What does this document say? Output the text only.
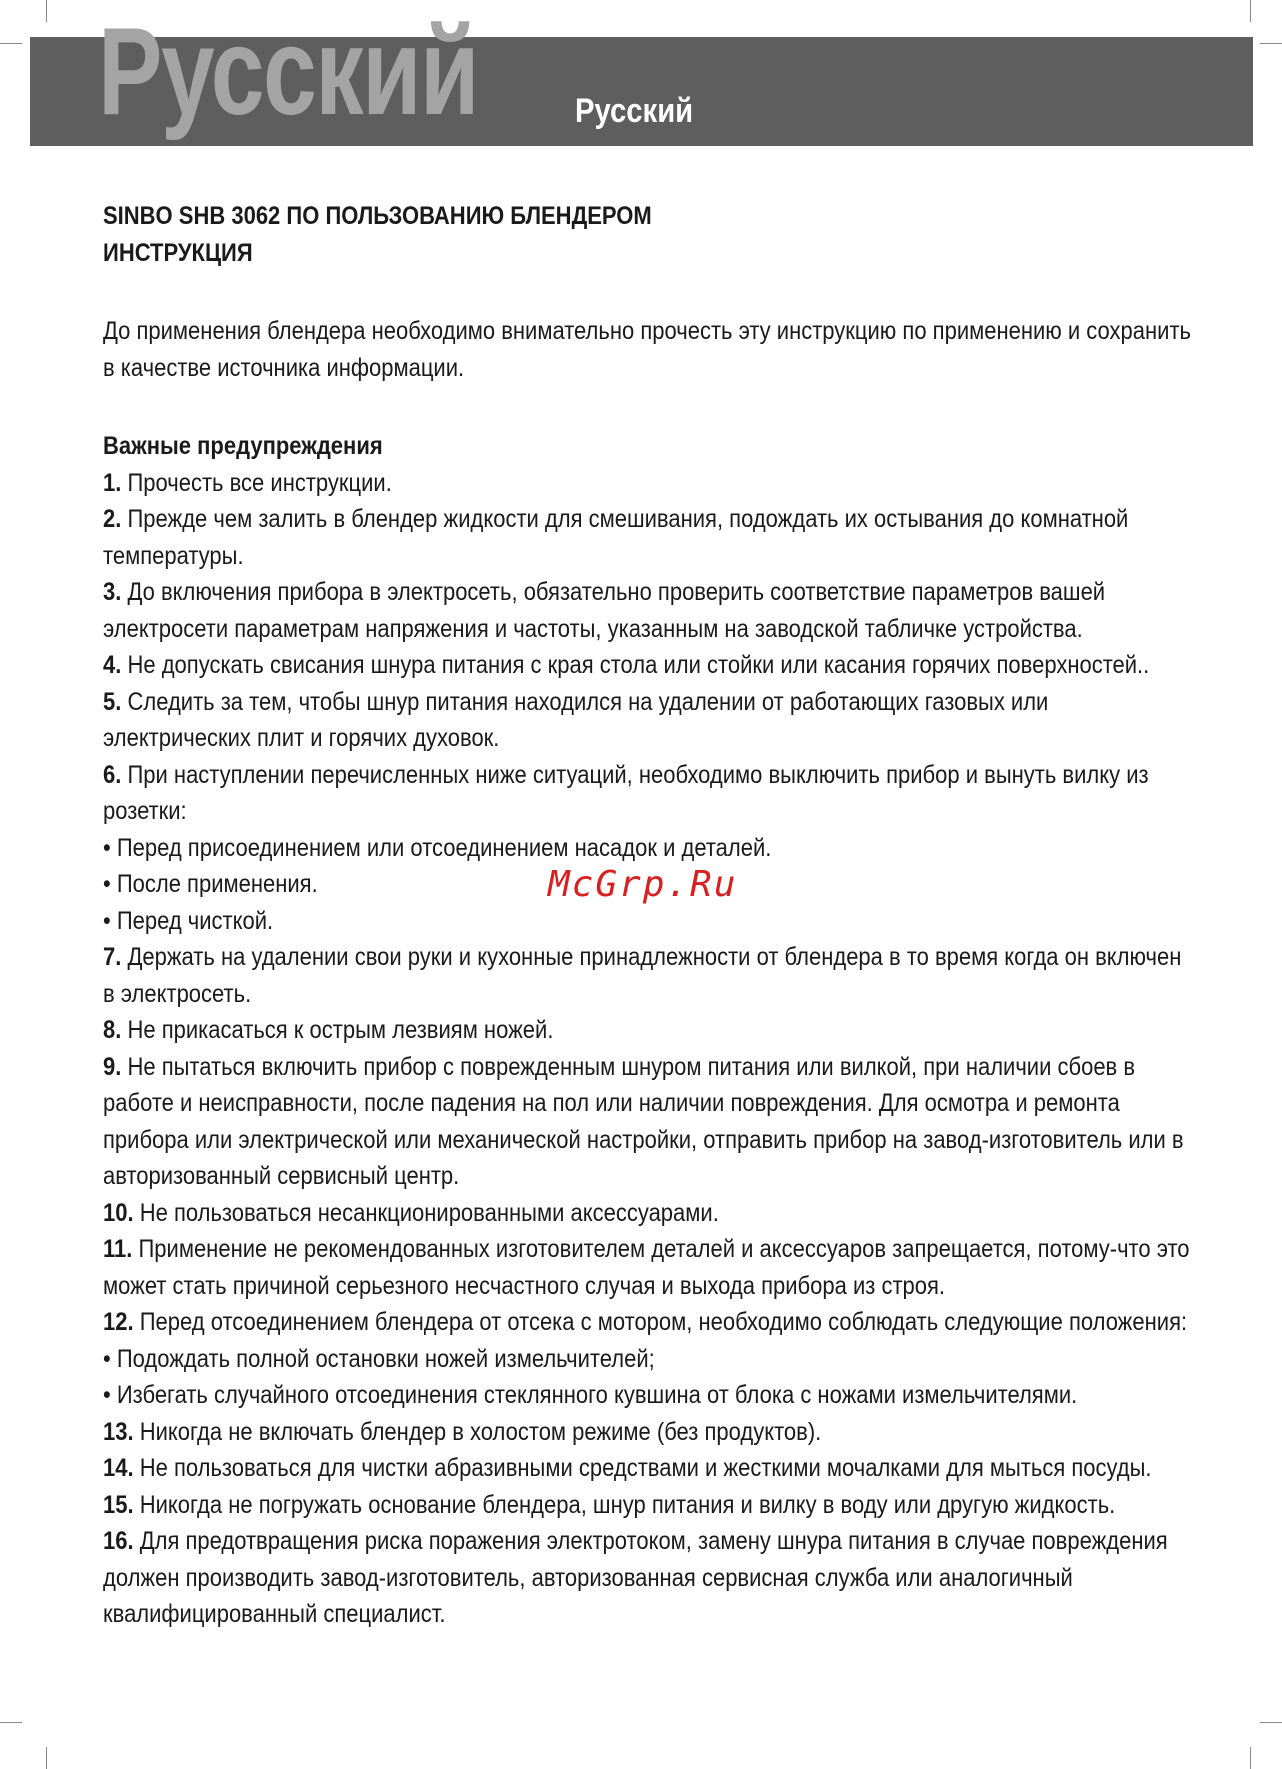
Русский	Русский

SINBO SHB 3062 ПО ПОЛЬЗОВАНИЮ БЛЕНДЕРОМ

ИНСТРУКЦИЯ

До применения блендера необходимо внимательно прочесть эту инструкцию по применению и сохранить в качестве источника информации.

Важные предупреждения

1. Прочесть все инструкции.

2. Прежде чем залить в блендер жидкости для смешивания, подождать их остывания до комнатной температуры.

3. До включения прибора в электросеть, обязательно проверить соответствие параметров вашей электросети параметрам напряжения и частоты, указанным на заводской табличке устройства.

4. Не допускать свисания шнура питания с края стола или стойки или касания горячих поверхностей..

5. Следить за тем, чтобы шнур питания находился на удалении от работающих газовых или электрических плит и горячих духовок.

6. При наступлении перечисленных ниже ситуаций, необходимо выключить прибор и вынуть вилку из розетки:

• Перед присоединением или отсоединением насадок и деталей.

• После применения.

• Перед чисткой.

7. Держать на удалении свои руки и кухонные принадлежности от блендера в то время когда он включен в электросеть.

8. Не прикасаться к острым лезвиям ножей.

9. Не пытаться включить прибор с поврежденным шнуром питания или вилкой, при наличии сбоев в работе и неисправности, после падения на пол или наличии повреждения. Для осмотра и ремонта прибора или электрической или механической настройки, отправить прибор на завод-изготовитель или в авторизованный сервисный центр.

10. Не пользоваться несанкционированными аксессуарами.

11. Применение не рекомендованных изготовителем деталей и аксессуаров запрещается, потому-что это может стать причиной серьезного несчастного случая и выхода прибора из строя.

12. Перед отсоединением блендера от отсека с мотором, необходимо соблюдать следующие положения:

• Подождать полной остановки ножей измельчителей;

• Избегать случайного отсоединения стеклянного кувшина от блока с ножами измельчителями.

13. Никогда не включать блендер в холостом режиме (без продуктов).

14. Не пользоваться для чистки абразивными средствами и жесткими мочалками для мыться посуды.

15. Никогда не погружать основание блендера, шнур питания и вилку в воду или другую жидкость.

16. Для предотвращения риска поражения электротоком, замену шнура питания в случае повреждения должен производить завод-изготовитель, авторизованная сервисная служба или аналогичный квалифицированный специалист.

McGrp.Ru
